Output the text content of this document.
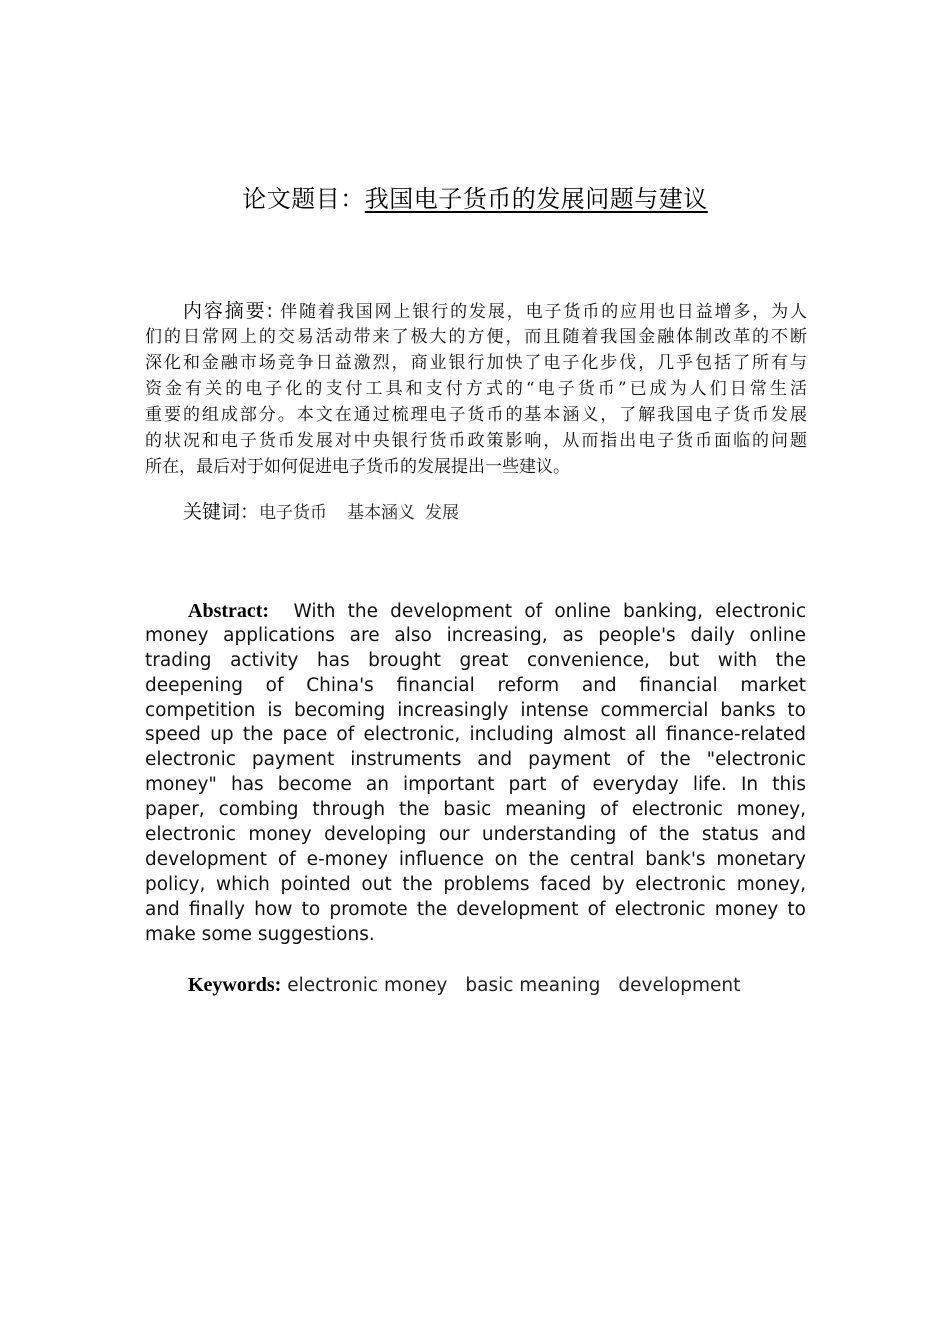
论文题目：我国电子货币的发展问题与建议
内容摘要: 伴随着我国网上银行的发展，电子货币的应用也日益增多，为人
们的日常网上的交易活动带来了极大的方便，而且随着我国金融体制改革的不断
深化和金融市场竞争日益激烈，商业银行加快了电子化步伐，几乎包括了所有与
资金有关的电子化的支付工具和支付方式的“电子货币”已成为人们日常生活
重要的组成部分。本文在通过梳理电子货币的基本涵义，了解我国电子货币发展
的状况和电子货币发展对中央银行货币政策影响，从而指出电子货币面临的问题
所在，最后对于如何促进电子货币的发展提出一些建议。
关键词：电子货币 基本涵义 发展
Abstract: With the development of online banking, electronic
money applications are also increasing, as people's daily online
trading activity has brought great convenience, but with the
deepening of China's financial reform and financial market
competition is becoming increasingly intense commercial banks to
speed up the pace of electronic, including almost all finance-related
electronic payment instruments and payment of the "electronic
money" has become an important part of everyday life. In this
paper, combing through the basic meaning of electronic money,
electronic money developing our understanding of the status and
development of e-money influence on the central bank's monetary
policy, which pointed out the problems faced by electronic money,
and finally how to promote the development of electronic money to
make some suggestions.
Keywords: electronic money basic meaning development
